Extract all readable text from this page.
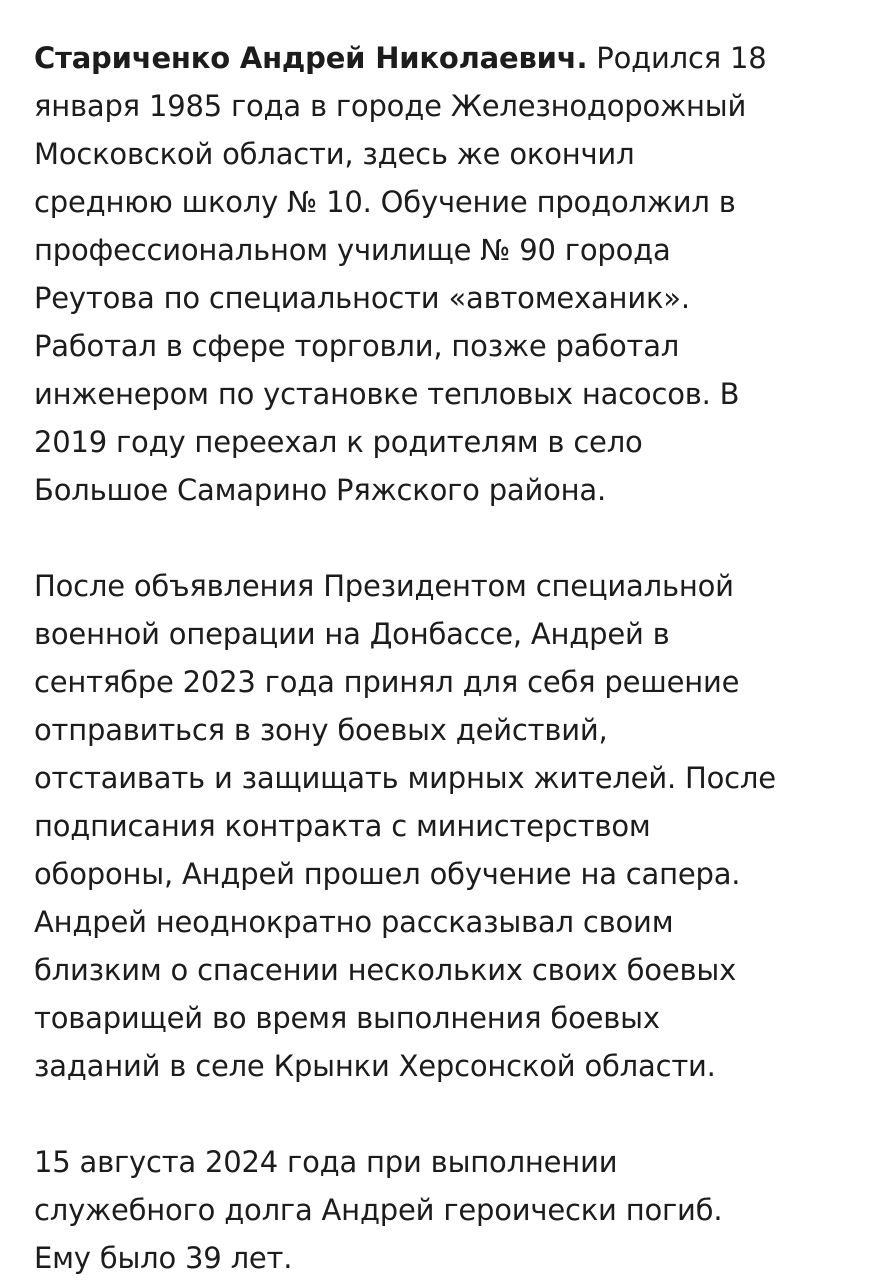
Стариченко Андрей Николаевич. Родился 18
января 1985 года в городе Железнодорожный
Московской области, здесь же окончил
среднюю школу № 10. Обучение продолжил в
профессиональном училище № 90 города
Реутова по специальности «автомеханик».
Работал в сфере торговли, позже работал
инженером по установке тепловых насосов. В
2019 году переехал к родителям в село
Большое Самарино Ряжского района.

После объявления Президентом специальной
военной операции на Донбассе, Андрей в
сентябре 2023 года принял для себя решение
отправиться в зону боевых действий,
отстаивать и защищать мирных жителей. После
подписания контракта с министерством
обороны, Андрей прошел обучение на сапера.
Андрей неоднократно рассказывал своим
близким о спасении нескольких своих боевых
товарищей во время выполнения боевых
заданий в селе Крынки Херсонской области.

15 августа 2024 года при выполнении
служебного долга Андрей героически погиб.
Ему было 39 лет.
